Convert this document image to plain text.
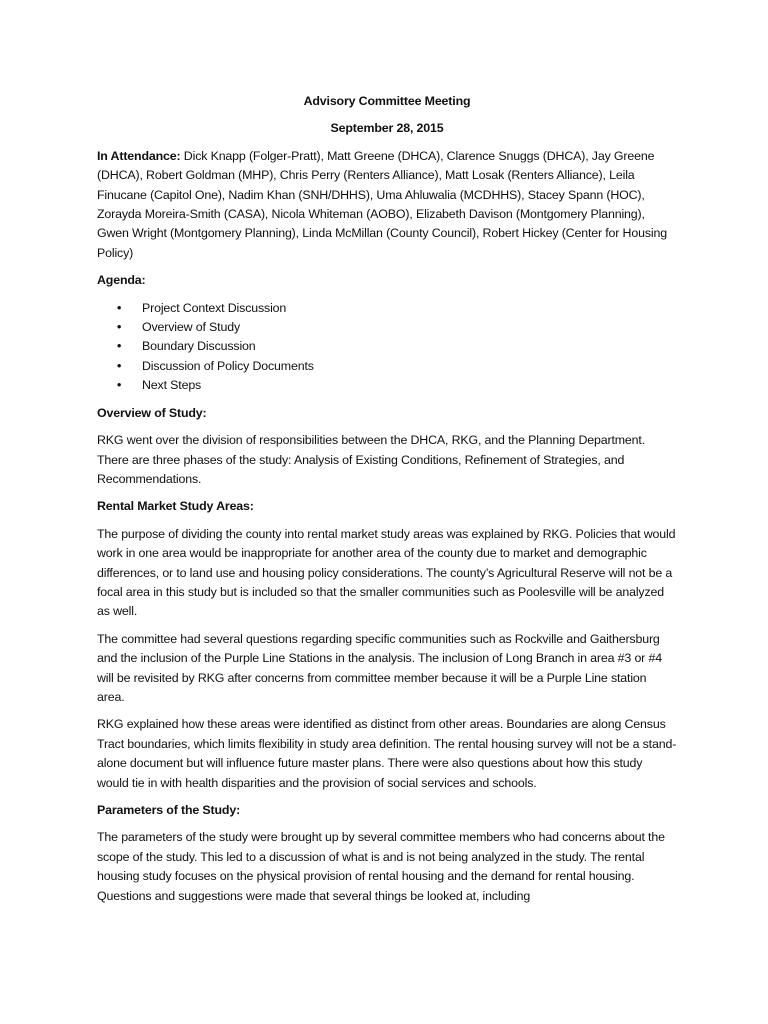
Advisory Committee Meeting
September 28, 2015

In Attendance: Dick Knapp (Folger-Pratt), Matt Greene (DHCA), Clarence Snuggs (DHCA), Jay Greene (DHCA), Robert Goldman (MHP), Chris Perry (Renters Alliance), Matt Losak (Renters Alliance), Leila Finucane (Capitol One), Nadim Khan (SNH/DHHS), Uma Ahluwalia (MCDHHS), Stacey Spann (HOC), Zorayda Moreira-Smith (CASA), Nicola Whiteman (AOBO), Elizabeth Davison (Montgomery Planning), Gwen Wright (Montgomery Planning), Linda McMillan (County Council), Robert Hickey (Center for Housing Policy)

Agenda:
• Project Context Discussion
• Overview of Study
• Boundary Discussion
• Discussion of Policy Documents
• Next Steps
Overview of Study:

RKG went over the division of responsibilities between the DHCA, RKG, and the Planning Department. There are three phases of the study: Analysis of Existing Conditions, Refinement of Strategies, and Recommendations.

Rental Market Study Areas:

The purpose of dividing the county into rental market study areas was explained by RKG. Policies that would work in one area would be inappropriate for another area of the county due to market and demographic differences, or to land use and housing policy considerations. The county’s Agricultural Reserve will not be a focal area in this study but is included so that the smaller communities such as Poolesville will be analyzed as well.

The committee had several questions regarding specific communities such as Rockville and Gaithersburg and the inclusion of the Purple Line Stations in the analysis. The inclusion of Long Branch in area #3 or #4 will be revisited by RKG after concerns from committee member because it will be a Purple Line station area.

RKG explained how these areas were identified as distinct from other areas. Boundaries are along Census Tract boundaries, which limits flexibility in study area definition. The rental housing survey will not be a stand-alone document but will influence future master plans. There were also questions about how this study would tie in with health disparities and the provision of social services and schools.

Parameters of the Study:

The parameters of the study were brought up by several committee members who had concerns about the scope of the study. This led to a discussion of what is and is not being analyzed in the study. The rental housing study focuses on the physical provision of rental housing and the demand for rental housing. Questions and suggestions were made that several things be looked at, including
